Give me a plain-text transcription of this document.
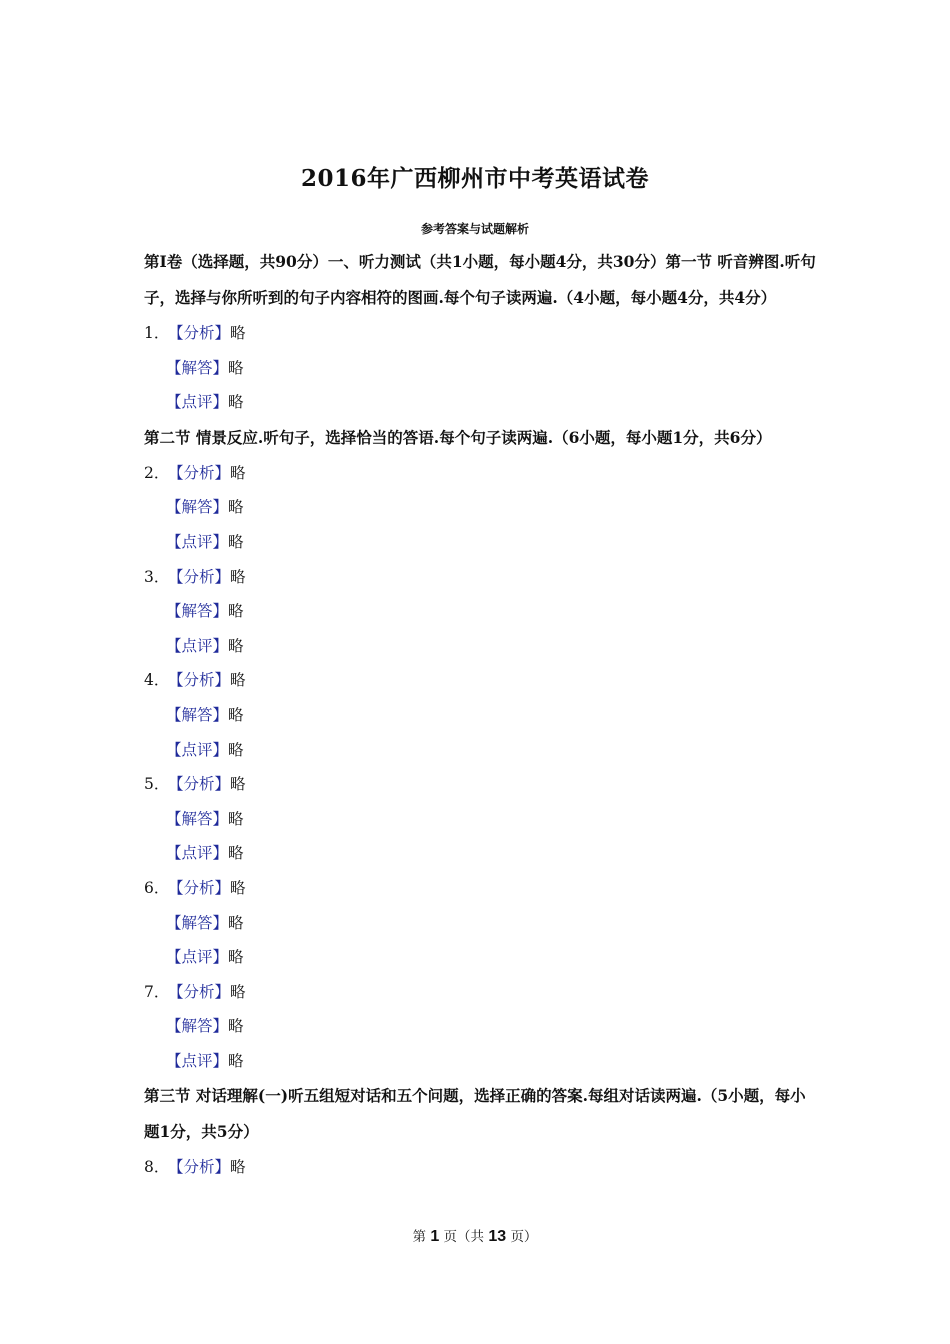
2016年广西柳州市中考英语试卷
参考答案与试题解析
第Ⅰ卷（选择题，共90分）一、听力测试（共1小题，每小题4分，共30分）第一节 听音辨图.听句子，选择与你所听到的句子内容相符的图画.每个句子读两遍.（4小题，每小题4分，共4分）
1．【分析】略
【解答】略
【点评】略
第二节 情景反应.听句子，选择恰当的答语.每个句子读两遍.（6小题，每小题1分，共6分）
2．【分析】略
【解答】略
【点评】略
3．【分析】略
【解答】略
【点评】略
4．【分析】略
【解答】略
【点评】略
5．【分析】略
【解答】略
【点评】略
6．【分析】略
【解答】略
【点评】略
7．【分析】略
【解答】略
【点评】略
第三节 对话理解(一)听五组短对话和五个问题，选择正确的答案.每组对话读两遍.（5小题，每小题1分，共5分）
8．【分析】略
第 1 页（共 13 页）
